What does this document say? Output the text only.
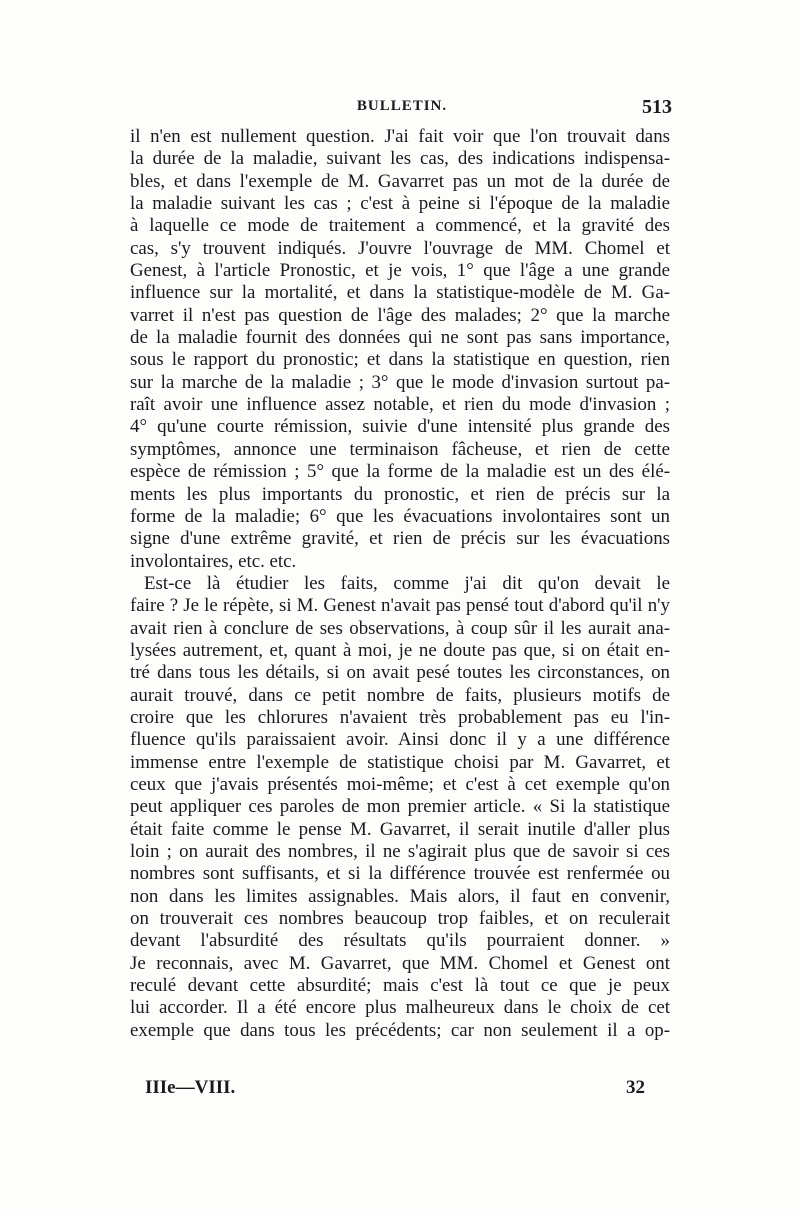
BULLETIN.	513
il n'en est nullement question. J'ai fait voir que l'on trouvait dans
la durée de la maladie, suivant les cas, des indications indispensa-
bles, et dans l'exemple de M. Gavarret pas un mot de la durée de
la maladie suivant les cas ; c'est à peine si l'époque de la maladie
à laquelle ce mode de traitement a commencé, et la gravité des
cas, s'y trouvent indiqués. J'ouvre l'ouvrage de MM. Chomel et
Genest, à l'article Pronostic, et je vois, 1° que l'âge a une grande
influence sur la mortalité, et dans la statistique-modèle de M. Ga-
varret il n'est pas question de l'âge des malades; 2° que la marche
de la maladie fournit des données qui ne sont pas sans importance,
sous le rapport du pronostic; et dans la statistique en question, rien
sur la marche de la maladie ; 3° que le mode d'invasion surtout pa-
raît avoir une influence assez notable, et rien du mode d'invasion ;
4° qu'une courte rémission, suivie d'une intensité plus grande des
symptômes, annonce une terminaison fâcheuse, et rien de cette
espèce de rémission ; 5° que la forme de la maladie est un des élé-
ments les plus importants du pronostic, et rien de précis sur la
forme de la maladie; 6° que les évacuations involontaires sont un
signe d'une extrême gravité, et rien de précis sur les évacuations
involontaires, etc. etc.
Est-ce là étudier les faits, comme j'ai dit qu'on devait le
faire ? Je le répète, si M. Genest n'avait pas pensé tout d'abord qu'il n'y
avait rien à conclure de ses observations, à coup sûr il les aurait ana-
lysées autrement, et, quant à moi, je ne doute pas que, si on était en-
tré dans tous les détails, si on avait pesé toutes les circonstances, on
aurait trouvé, dans ce petit nombre de faits, plusieurs motifs de
croire que les chlorures n'avaient très probablement pas eu l'in-
fluence qu'ils paraissaient avoir. Ainsi donc il y a une différence
immense entre l'exemple de statistique choisi par M. Gavarret, et
ceux que j'avais présentés moi-même; et c'est à cet exemple qu'on
peut appliquer ces paroles de mon premier article. « Si la statistique
était faite comme le pense M. Gavarret, il serait inutile d'aller plus
loin ; on aurait des nombres, il ne s'agirait plus que de savoir si ces
nombres sont suffisants, et si la différence trouvée est renfermée ou
non dans les limites assignables. Mais alors, il faut en convenir,
on trouverait ces nombres beaucoup trop faibles, et on reculerait
devant l'absurdité des résultats qu'ils pourraient donner. »
Je reconnais, avec M. Gavarret, que MM. Chomel et Genest ont
reculé devant cette absurdité; mais c'est là tout ce que je peux
lui accorder. Il a été encore plus malheureux dans le choix de cet
exemple que dans tous les précédents; car non seulement il a op-
IIIe—VIII.	32
